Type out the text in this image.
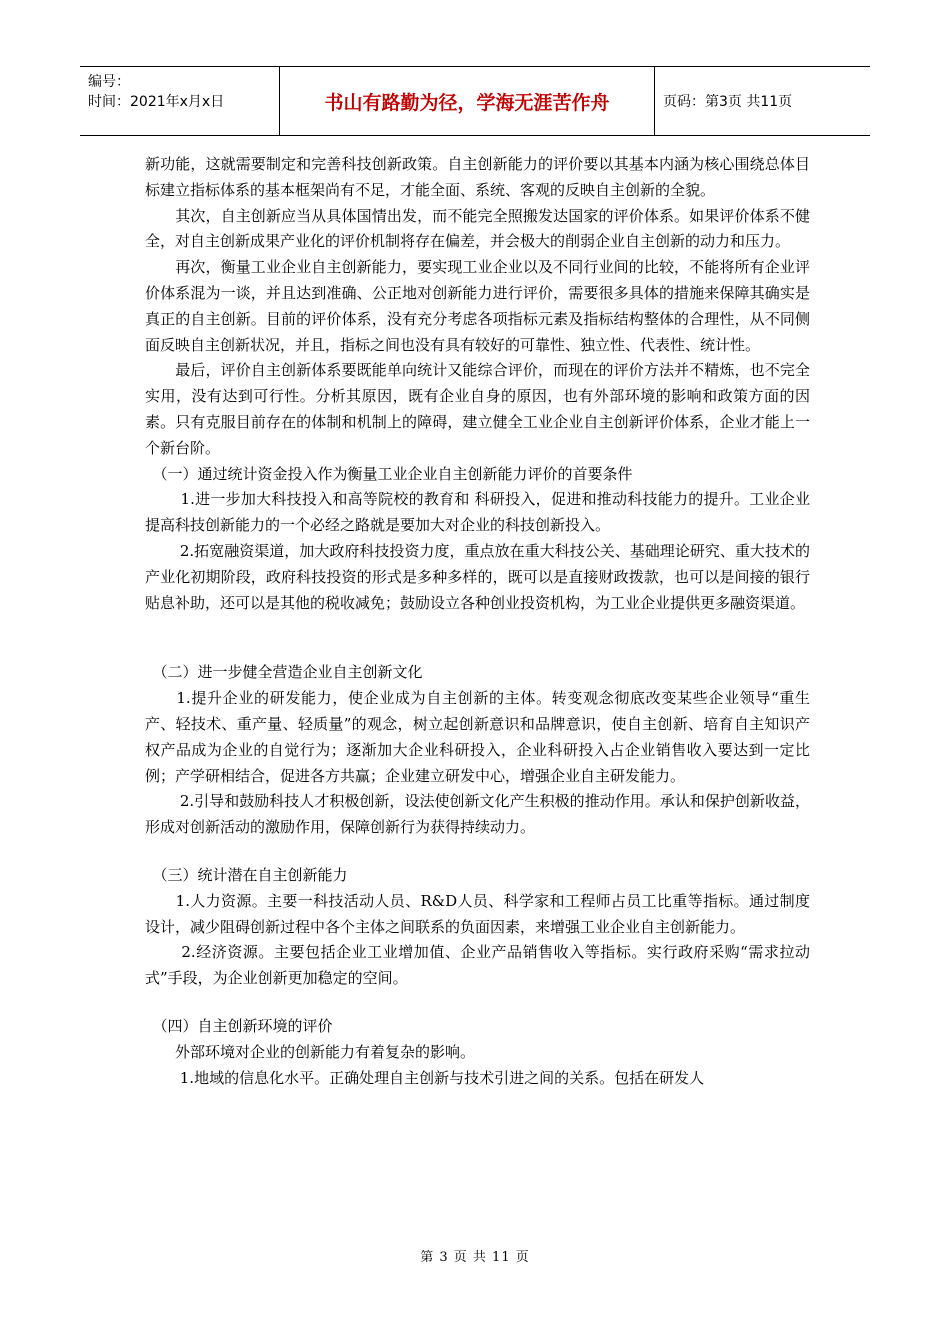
编号：
时间：2021年x月x日	书山有路勤为径，学海无涯苦作舟	页码：第3页 共11页

新功能，这就需要制定和完善科技创新政策。自主创新能力的评价要以其基本内涵为核心围绕总体目标建立指标体系的基本框架尚有不足，才能全面、系统、客观的反映自主创新的全貌。

　　其次，自主创新应当从具体国情出发，而不能完全照搬发达国家的评价体系。如果评价体系不健全，对自主创新成果产业化的评价机制将存在偏差，并会极大的削弱企业自主创新的动力和压力。

　　再次，衡量工业企业自主创新能力，要实现工业企业以及不同行业间的比较，不能将所有企业评价体系混为一谈，并且达到准确、公正地对创新能力进行评价，需要很多具体的措施来保障其确实是真正的自主创新。目前的评价体系，没有充分考虑各项指标元素及指标结构整体的合理性，从不同侧面反映自主创新状况，并且，指标之间也没有具有较好的可靠性、独立性、代表性、统计性。

　　最后，评价自主创新体系要既能单向统计又能综合评价，而现在的评价方法并不精炼，也不完全实用，没有达到可行性。分析其原因，既有企业自身的原因，也有外部环境的影响和政策方面的因素。只有克服目前存在的体制和机制上的障碍，建立健全工业企业自主创新评价体系，企业才能上一个新台阶。

　（一）通过统计资金投入作为衡量工业企业自主创新能力评价的首要条件

　　 1.进一步加大科技投入和高等院校的教育和 科研投入，促进和推动科技能力的提升。工业企业提高科技创新能力的一个必经之路就是要加大对企业的科技创新投入。

　　 2.拓宽融资渠道，加大政府科技投资力度，重点放在重大科技公关、基础理论研究、重大技术的产业化初期阶段，政府科技投资的形式是多种多样的，既可以是直接财政拨款，也可以是间接的银行贴息补助，还可以是其他的税收减免；鼓励设立各种创业投资机构，为工业企业提供更多融资渠道。

　（二）进一步健全营造企业自主创新文化

　　1.提升企业的研发能力，使企业成为自主创新的主体。转变观念彻底改变某些企业领导“重生产、轻技术、重产量、轻质量”的观念，树立起创新意识和品牌意识，使自主创新、培育自主知识产权产品成为企业的自觉行为；逐渐加大企业科研投入，企业科研投入占企业销售收入要达到一定比例；产学研相结合，促进各方共赢；企业建立研发中心，增强企业自主研发能力。

　　 2.引导和鼓励科技人才积极创新，设法使创新文化产生积极的推动作用。承认和保护创新收益，形成对创新活动的激励作用，保障创新行为获得持续动力。

　（三）统计潜在自主创新能力

　　1.人力资源。主要一科技活动人员、R&D人员、科学家和工程师占员工比重等指标。通过制度设计，减少阻碍创新过程中各个主体之间联系的负面因素，来增强工业企业自主创新能力。

　　 2.经济资源。主要包括企业工业增加值、企业产品销售收入等指标。实行政府采购“需求拉动式”手段，为企业创新更加稳定的空间。

　（四）自主创新环境的评价

　　外部环境对企业的创新能力有着复杂的影响。

　　 1.地域的信息化水平。正确处理自主创新与技术引进之间的关系。包括在研发人

第 3 页 共 11 页
